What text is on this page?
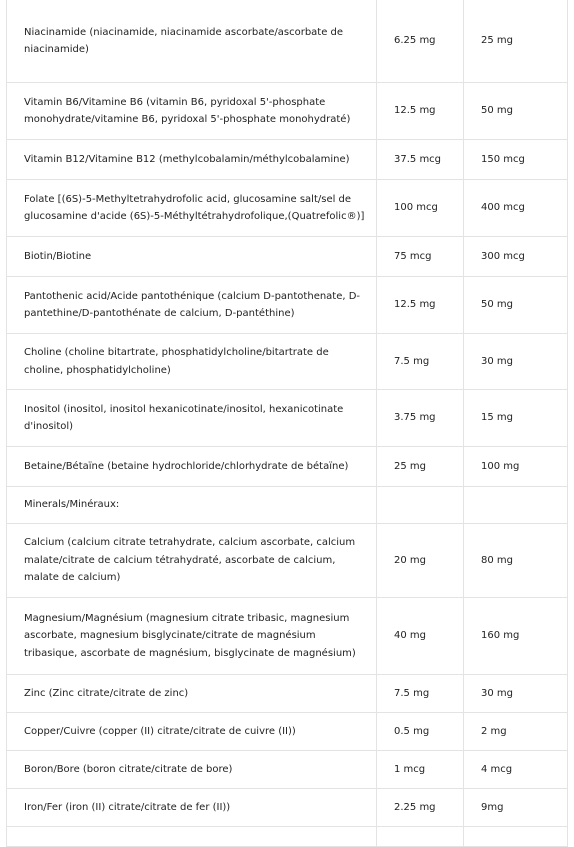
Niacinamide (niacinamide, niacinamide ascorbate/ascorbate de niacinamide)	6.25 mg	25 mg
Vitamin B6/Vitamine B6 (vitamin B6, pyridoxal 5'-phosphate monohydrate/vitamine B6, pyridoxal 5'-phosphate monohydraté)	12.5 mg	50 mg
Vitamin B12/Vitamine B12 (methylcobalamin/méthylcobalamine)	37.5 mcg	150 mcg
Folate [(6S)-5-Methyltetrahydrofolic acid, glucosamine salt/sel de glucosamine d'acide (6S)-5-Méthyltétrahydrofolique,(Quatrefolic®)]	100 mcg	400 mcg
Biotin/Biotine	75 mcg	300 mcg
Pantothenic acid/Acide pantothénique (calcium D-pantothenate, D-pantethine/D-pantothénate de calcium, D-pantéthine)	12.5 mg	50 mg
Choline (choline bitartrate, phosphatidylcholine/bitartrate de choline, phosphatidylcholine)	7.5 mg	30 mg
Inositol (inositol, inositol hexanicotinate/inositol, hexanicotinate d'inositol)	3.75 mg	15 mg
Betaine/Bétaïne (betaine hydrochloride/chlorhydrate de bétaïne)	25 mg	100 mg
Minerals/Minéraux:		
Calcium (calcium citrate tetrahydrate, calcium ascorbate, calcium malate/citrate de calcium tétrahydraté, ascorbate de calcium, malate de calcium)	20 mg	80 mg
Magnesium/Magnésium (magnesium citrate tribasic, magnesium ascorbate, magnesium bisglycinate/citrate de magnésium tribasique, ascorbate de magnésium, bisglycinate de magnésium)	40 mg	160 mg
Zinc (Zinc citrate/citrate de zinc)	7.5 mg	30 mg
Copper/Cuivre (copper (II) citrate/citrate de cuivre (II))	0.5 mg	2 mg
Boron/Bore (boron citrate/citrate de bore)	1 mcg	4 mcg
Iron/Fer (iron (II) citrate/citrate de fer (II))	2.25 mg	9mg
